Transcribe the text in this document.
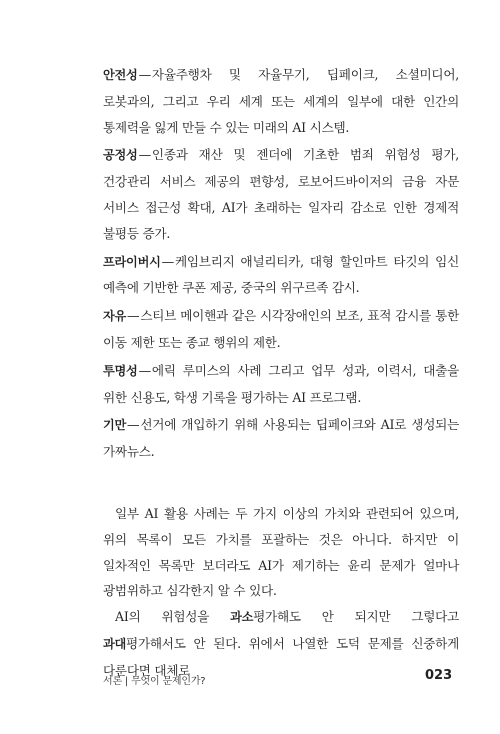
안전성—자율주행차 및 자율무기, 딥페이크, 소셜미디어, 로봇과의, 그리고 우리 세계 또는 세계의 일부에 대한 인간의 통제력을 잃게 만들 수 있는 미래의 AI 시스템.

공정성—인종과 재산 및 젠더에 기초한 범죄 위험성 평가, 건강관리 서비스 제공의 편향성, 로보어드바이저의 금융 자문 서비스 접근성 확대, AI가 초래하는 일자리 감소로 인한 경제적 불평등 증가.

프라이버시—케임브리지 애널리티카, 대형 할인마트 타깃의 임신 예측에 기반한 쿠폰 제공, 중국의 위구르족 감시.

자유—스티브 메이핸과 같은 시각장애인의 보조, 표적 감시를 통한 이동 제한 또는 종교 행위의 제한.

투명성—에릭 루미스의 사례 그리고 업무 성과, 이력서, 대출을 위한 신용도, 학생 기록을 평가하는 AI 프로그램.

기만—선거에 개입하기 위해 사용되는 딥페이크와 AI로 생성되는 가짜뉴스.

일부 AI 활용 사례는 두 가지 이상의 가치와 관련되어 있으며, 위의 목록이 모든 가치를 포괄하는 것은 아니다. 하지만 이 일차적인 목록만 보더라도 AI가 제기하는 윤리 문제가 얼마나 광범위하고 심각한지 알 수 있다.

AI의 위험성을 과소평가해도 안 되지만 그렇다고 과대평가해서도 안 된다. 위에서 나열한 도덕 문제를 신중하게 다룬다면 대체로

서론 | 무엇이 문제인가?	023
